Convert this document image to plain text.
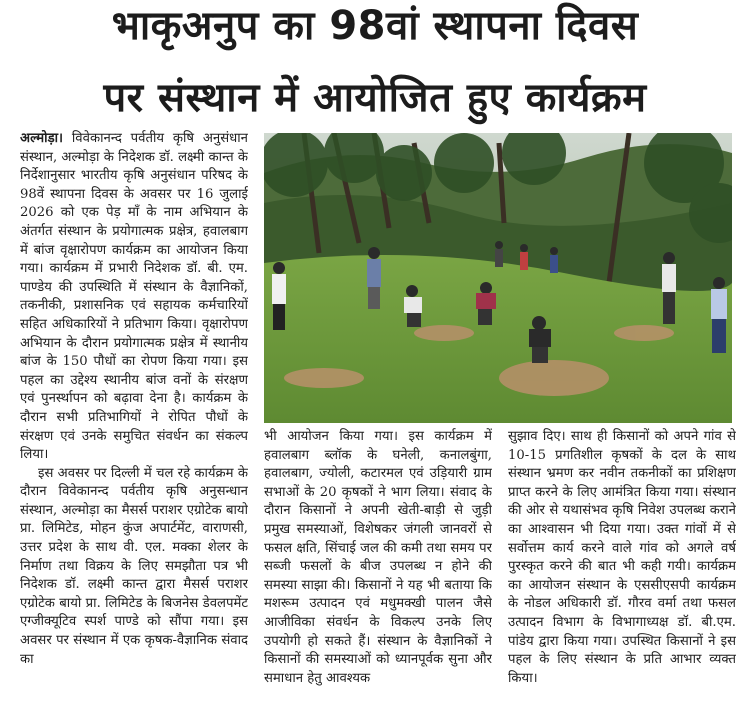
भाकृअनुप का 98वां स्थापना दिवस
पर संस्थान में आयोजित हुए कार्यक्रम

अल्मोड़ा। विवेकानन्द पर्वतीय कृषि अनुसंधान संस्थान, अल्मोड़ा के निदेशक डॉ. लक्ष्मी कान्त के निर्देशानुसार भारतीय कृषि अनुसंधान परिषद के 98वें स्थापना दिवस के अवसर पर 16 जुलाई 2026 को एक पेड़ माँ के नाम अभियान के अंतर्गत संस्थान के प्रयोगात्मक प्रक्षेत्र, हवालबाग में बांज वृक्षारोपण कार्यक्रम का आयोजन किया गया। कार्यक्रम में प्रभारी निदेशक डॉ. बी. एम. पाण्डेय की उपस्थिति में संस्थान के वैज्ञानिकों, तकनीकी, प्रशासनिक एवं सहायक कर्मचारियों सहित अधिकारियों ने प्रतिभाग किया। वृक्षारोपण अभियान के दौरान प्रयोगात्मक प्रक्षेत्र में स्थानीय बांज के 150 पौधों का रोपण किया गया। इस पहल का उद्देश्य स्थानीय बांज वनों के संरक्षण एवं पुनर्स्थापन को बढ़ावा देना है। कार्यक्रम के दौरान सभी प्रतिभागियों ने रोपित पौधों के संरक्षण एवं उनके समुचित संवर्धन का संकल्प लिया।

इस अवसर पर दिल्ली में चल रहे कार्यक्रम के दौरान विवेकानन्द पर्वतीय कृषि अनुसन्धान संस्थान, अल्मोड़ा का मैसर्स पराशर एग्रोटेक बायो प्रा. लिमिटेड, मोहन कुंज अपार्टमेंट, वाराणसी, उत्तर प्रदेश के साथ वी. एल. मक्का शेलर के निर्माण तथा विक्रय के लिए समझौता पत्र भी निदेशक डॉ. लक्ष्मी कान्त द्वारा मैसर्स पराशर एग्रोटेक बायो प्रा. लिमिटेड के बिजनेस डेवलपमेंट एग्जीक्यूटिव स्पर्श पाण्डे को सौंपा गया। इस अवसर पर संस्थान में एक कृषक-वैज्ञानिक संवाद का

भी आयोजन किया गया। इस कार्यक्रम में हवालबाग ब्लॉक के घनेली, कनालबुंगा, हवालबाग, ज्योली, कटारमल एवं उड़ियारी ग्राम सभाओं के 20 कृषकों ने भाग लिया। संवाद के दौरान किसानों ने अपनी खेती-बाड़ी से जुड़ी प्रमुख समस्याओं, विशेषकर जंगली जानवरों से फसल क्षति, सिंचाई जल की कमी तथा समय पर सब्जी फसलों के बीज उपलब्ध न होने की समस्या साझा की। किसानों ने यह भी बताया कि मशरूम उत्पादन एवं मधुमक्खी पालन जैसे आजीविका संवर्धन के विकल्प उनके लिए उपयोगी हो सकते हैं। संस्थान के वैज्ञानिकों ने किसानों की समस्याओं को ध्यानपूर्वक सुना और समाधान हेतु आवश्यक

सुझाव दिए। साथ ही किसानों को अपने गांव से 10-15 प्रगतिशील कृषकों के दल के साथ संस्थान भ्रमण कर नवीन तकनीकों का प्रशिक्षण प्राप्त करने के लिए आमंत्रित किया गया। संस्थान की ओर से यथासंभव कृषि निवेश उपलब्ध कराने का आश्वासन भी दिया गया। उक्त गांवों में से सर्वोत्तम कार्य करने वाले गांव को अगले वर्ष पुरस्कृत करने की बात भी कही गयी। कार्यक्रम का आयोजन संस्थान के एससीएसपी कार्यक्रम के नोडल अधिकारी डॉ. गौरव वर्मा तथा फसल उत्पादन विभाग के विभागाध्यक्ष डॉ. बी.एम. पांडेय द्वारा किया गया। उपस्थित किसानों ने इस पहल के लिए संस्थान के प्रति आभार व्यक्त किया।
